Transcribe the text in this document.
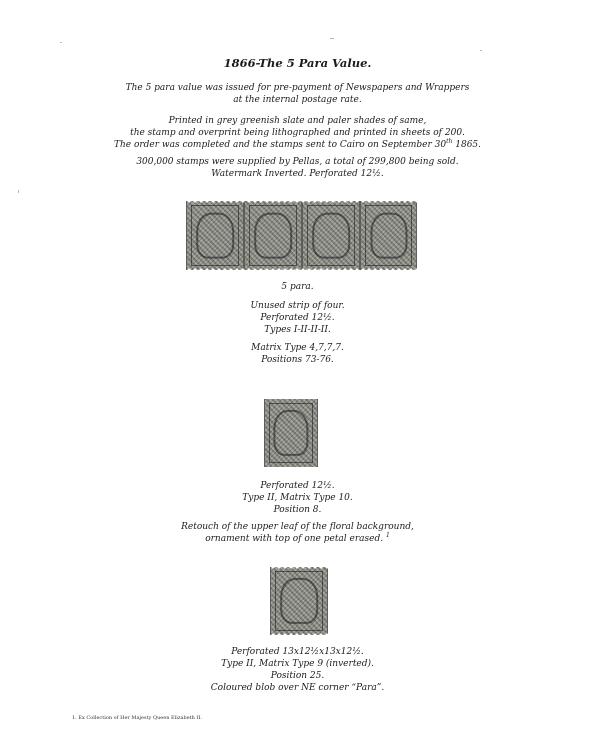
1866-The 5 Para Value.
The 5 para value was issued for pre-payment of Newspapers and Wrappers
at the internal postage rate.
Printed in grey greenish slate and paler shades of same,
the stamp and overprint being lithographed and printed in sheets of 200.
The order was completed and the stamps sent to Cairo on September 30th 1865.
300,000 stamps were supplied by Pellas, a total of 299,800 being sold.
Watermark Inverted. Perforated 12½.
5 para.
Unused strip of four.
Perforated 12½.
Types I-II-II-II.
Matrix Type 4,7,7,7.
Positions 73-76.
Perforated 12½.
Type II, Matrix Type 10.
Position 8.
Retouch of the upper leaf of the floral background,
ornament with top of one petal erased. $^1$
Perforated 13x12½x13x12½.
Type II, Matrix Type 9 (inverted).
Position 25.
Coloured blob over NE corner “Para”.
1. Ex Collection of Her Majesty Queen Elizabeth II.
